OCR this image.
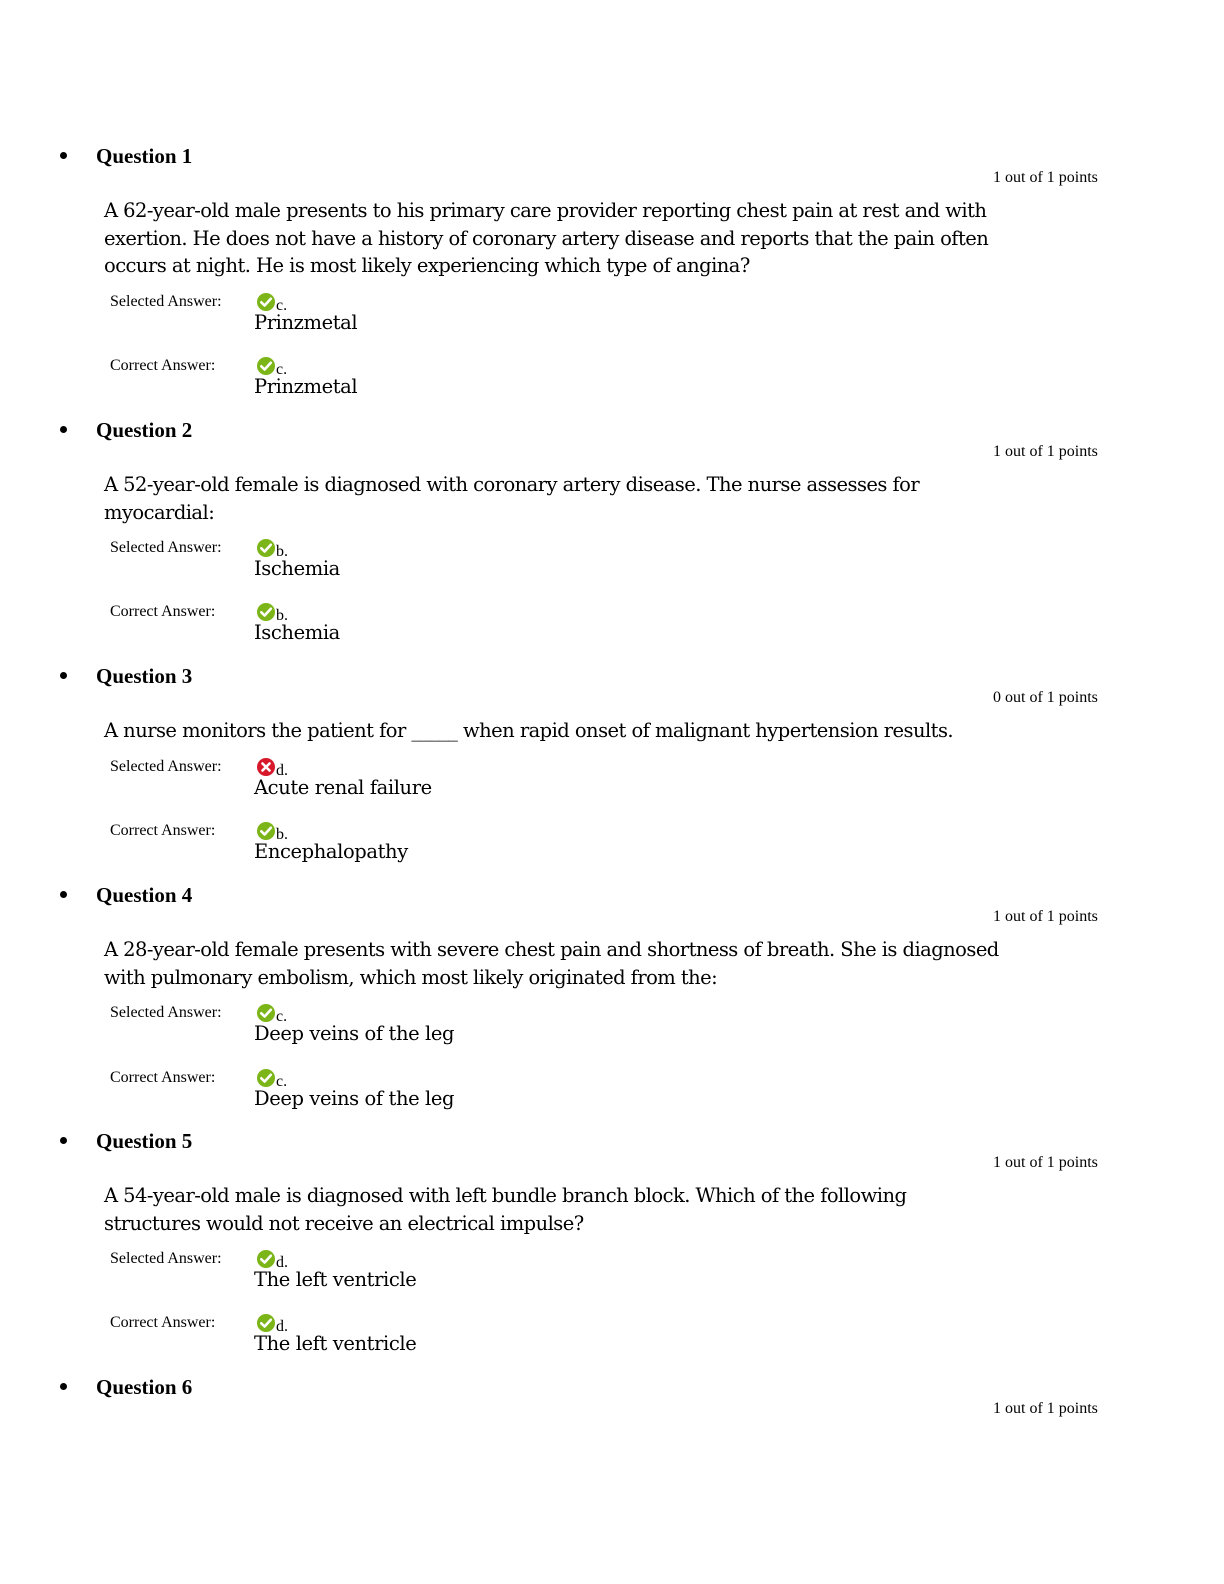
Question 1
1 out of 1 points
A 62-year-old male presents to his primary care provider reporting chest pain at rest and with exertion. He does not have a history of coronary artery disease and reports that the pain often occurs at night. He is most likely experiencing which type of angina?
Selected Answer:	c.
Prinzmetal
Correct Answer:	c.
Prinzmetal
Question 2
1 out of 1 points
A 52-year-old female is diagnosed with coronary artery disease. The nurse assesses for myocardial:
Selected Answer:	b.
Ischemia
Correct Answer:	b.
Ischemia
Question 3
0 out of 1 points
A nurse monitors the patient for _____ when rapid onset of malignant hypertension results.
Selected Answer:	d.
Acute renal failure
Correct Answer:	b.
Encephalopathy
Question 4
1 out of 1 points
A 28-year-old female presents with severe chest pain and shortness of breath. She is diagnosed with pulmonary embolism, which most likely originated from the:
Selected Answer:	c.
Deep veins of the leg
Correct Answer:	c.
Deep veins of the leg
Question 5
1 out of 1 points
A 54-year-old male is diagnosed with left bundle branch block. Which of the following structures would not receive an electrical impulse?
Selected Answer:	d.
The left ventricle
Correct Answer:	d.
The left ventricle
Question 6
1 out of 1 points
